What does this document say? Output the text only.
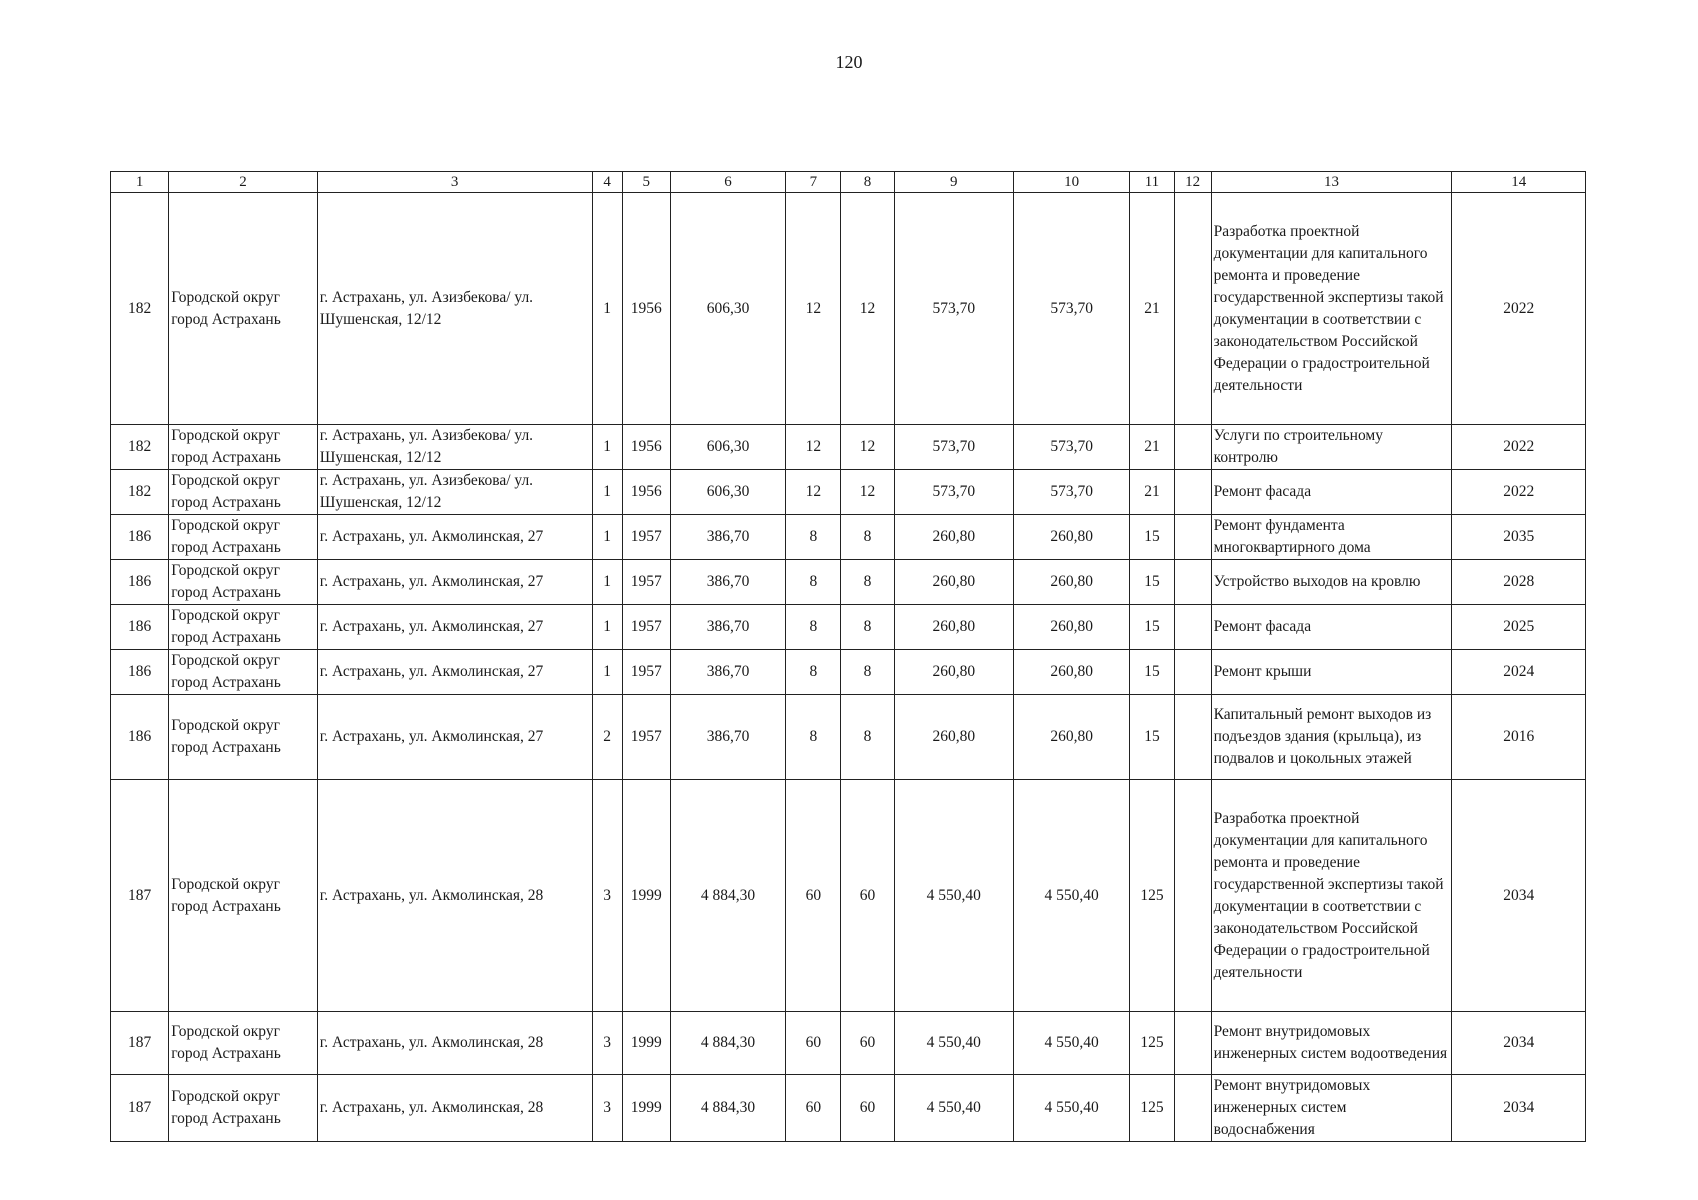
120
1	2	3	4	5	6	7	8	9	10	11	12	13	14
182	Городской округ город Астрахань	г. Астрахань, ул. Азизбекова/ ул. Шушенская, 12/12	1	1956	606,30	12	12	573,70	573,70	21		Разработка проектной документации для капитального ремонта и проведение государственной экспертизы такой документации в соответствии с законодательством Российской Федерации о градостроительной деятельности	2022
182	Городской округ город Астрахань	г. Астрахань, ул. Азизбекова/ ул. Шушенская, 12/12	1	1956	606,30	12	12	573,70	573,70	21		Услуги по строительному контролю	2022
182	Городской округ город Астрахань	г. Астрахань, ул. Азизбекова/ ул. Шушенская, 12/12	1	1956	606,30	12	12	573,70	573,70	21		Ремонт фасада	2022
186	Городской округ город Астрахань	г. Астрахань, ул. Акмолинская, 27	1	1957	386,70	8	8	260,80	260,80	15		Ремонт фундамента многоквартирного дома	2035
186	Городской округ город Астрахань	г. Астрахань, ул. Акмолинская, 27	1	1957	386,70	8	8	260,80	260,80	15		Устройство выходов на кровлю	2028
186	Городской округ город Астрахань	г. Астрахань, ул. Акмолинская, 27	1	1957	386,70	8	8	260,80	260,80	15		Ремонт фасада	2025
186	Городской округ город Астрахань	г. Астрахань, ул. Акмолинская, 27	1	1957	386,70	8	8	260,80	260,80	15		Ремонт крыши	2024
186	Городской округ город Астрахань	г. Астрахань, ул. Акмолинская, 27	2	1957	386,70	8	8	260,80	260,80	15		Капитальный ремонт выходов из подъездов здания (крыльца), из подвалов и цокольных этажей	2016
187	Городской округ город Астрахань	г. Астрахань, ул. Акмолинская, 28	3	1999	4 884,30	60	60	4 550,40	4 550,40	125		Разработка проектной документации для капитального ремонта и проведение государственной экспертизы такой документации в соответствии с законодательством Российской Федерации о градостроительной деятельности	2034
187	Городской округ город Астрахань	г. Астрахань, ул. Акмолинская, 28	3	1999	4 884,30	60	60	4 550,40	4 550,40	125		Ремонт внутридомовых инженерных систем водоотведения	2034
187	Городской округ город Астрахань	г. Астрахань, ул. Акмолинская, 28	3	1999	4 884,30	60	60	4 550,40	4 550,40	125		Ремонт внутридомовых инженерных систем водоснабжения	2034
